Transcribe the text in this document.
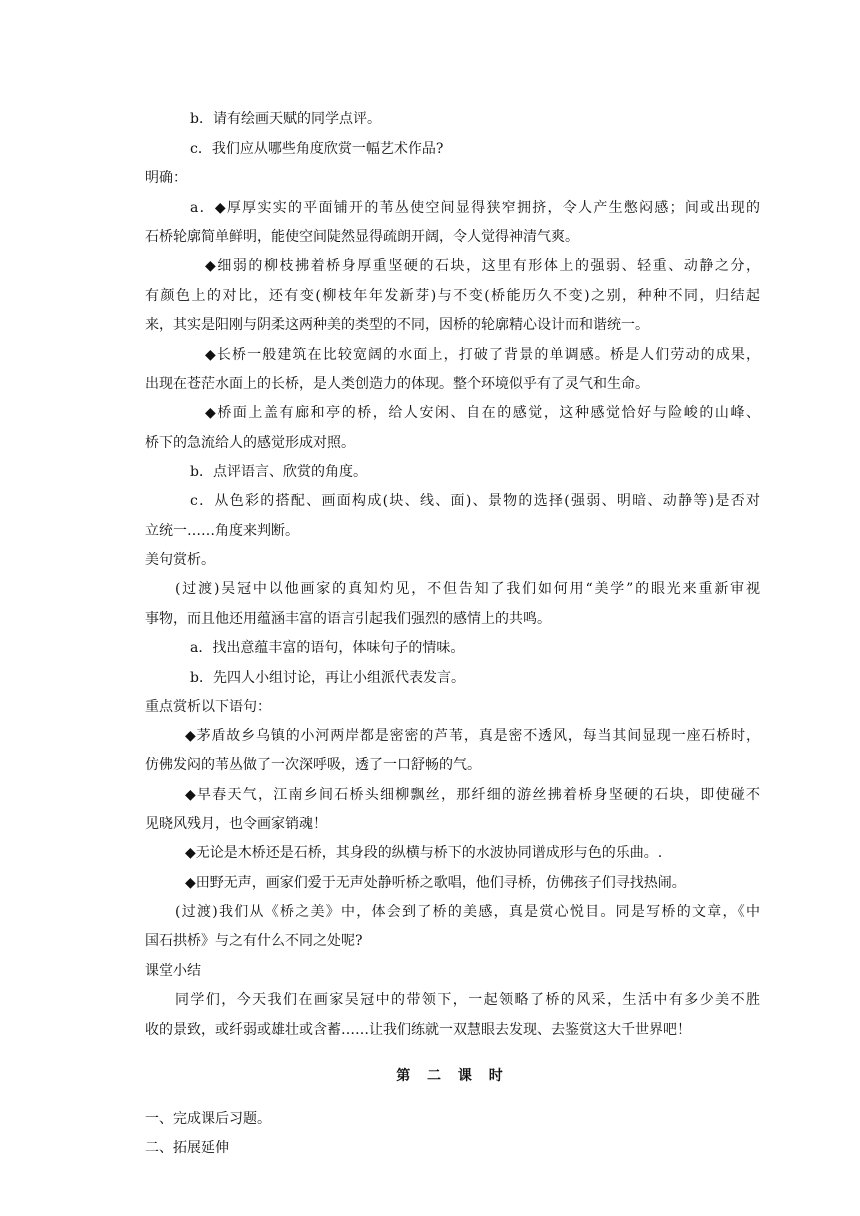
b．请有绘画天赋的同学点评。
c．我们应从哪些角度欣赏一幅艺术作品?
明确：
a．◆厚厚实实的平面铺开的苇丛使空间显得狭窄拥挤，令人产生憋闷感；间或出现的
石桥轮廓简单鲜明，能使空间陡然显得疏朗开阔，令人觉得神清气爽。
◆细弱的柳枝拂着桥身厚重坚硬的石块，这里有形体上的强弱、轻重、动静之分，
有颜色上的对比，还有变(柳枝年年发新芽)与不变(桥能历久不变)之别，种种不同，归结起
来，其实是阳刚与阴柔这两种美的类型的不同，因桥的轮廓精心设计而和谐统一。
◆长桥一般建筑在比较宽阔的水面上，打破了背景的单调感。桥是人们劳动的成果，
出现在苍茫水面上的长桥，是人类创造力的体现。整个环境似乎有了灵气和生命。
◆桥面上盖有廊和亭的桥，给人安闲、自在的感觉，这种感觉恰好与险峻的山峰、
桥下的急流给人的感觉形成对照。
b．点评语言、欣赏的角度。
c．从色彩的搭配、画面构成(块、线、面)、景物的选择(强弱、明暗、动静等)是否对
立统一……角度来判断。
美句赏析。
(过渡)吴冠中以他画家的真知灼见，不但告知了我们如何用“美学”的眼光来重新审视
事物，而且他还用蕴涵丰富的语言引起我们强烈的感情上的共鸣。
a．找出意蕴丰富的语句，体味句子的情味。
b．先四人小组讨论，再让小组派代表发言。
重点赏析以下语句：
◆茅盾故乡乌镇的小河两岸都是密密的芦苇，真是密不透风，每当其间显现一座石桥时，
仿佛发闷的苇丛做了一次深呼吸，透了一口舒畅的气。
◆早春天气，江南乡间石桥头细柳飘丝，那纤细的游丝拂着桥身坚硬的石块，即使碰不
见晓风残月，也令画家销魂！
◆无论是木桥还是石桥，其身段的纵横与桥下的水波协同谱成形与色的乐曲。.
◆田野无声，画家们爱于无声处静听桥之歌唱，他们寻桥，仿佛孩子们寻找热闹。
(过渡)我们从《桥之美》中，体会到了桥的美感，真是赏心悦目。同是写桥的文章，《中
国石拱桥》与之有什么不同之处呢?
课堂小结
同学们，今天我们在画家吴冠中的带领下，一起领略了桥的风采，生活中有多少美不胜
收的景致，或纤弱或雄壮或含蓄……让我们练就一双慧眼去发现、去鉴赏这大千世界吧！
一、完成课后习题。
二、拓展延伸
第 二 课 时
